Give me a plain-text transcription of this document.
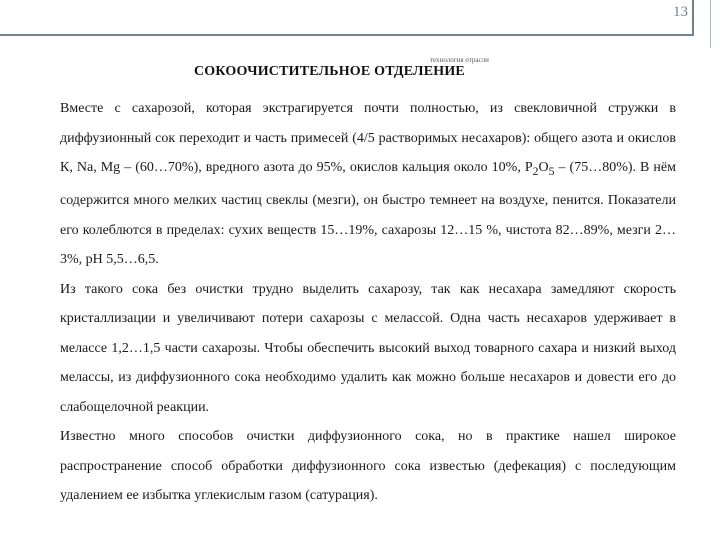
13
технология отрасли
СОКООЧИСТИТЕЛЬНОЕ ОТДЕЛЕНИЕ

Вместе с сахарозой, которая экстрагируется почти полностью, из свекловичной стружки в диффузионный сок переходит и часть примесей (4/5 растворимых несахаров): общего азота и окислов К, Na, Mg – (60…70%), вредного азота до 95%, окислов кальция около 10%, $P_2O_5$ – (75…80%). В нём содержится много мелких частиц свеклы (мезги), он быстро темнеет на воздухе, пенится. Показатели его колеблются в пределах: сухих веществ 15…19%, сахарозы 12…15 %, чистота 82…89%, мезги 2…3%, pH 5,5…6,5.

Из такого сока без очистки трудно выделить сахарозу, так как несахара замедляют скорость кристаллизации и увеличивают потери сахарозы с мелассой. Одна часть несахаров удерживает в мелассе 1,2…1,5 части сахарозы. Чтобы обеспечить высокий выход товарного сахара и низкий выход мелассы, из диффузионного сока необходимо удалить как можно больше несахаров и довести его до слабощелочной реакции.

Известно много способов очистки диффузионного сока, но в практике нашел широкое распространение способ обработки диффузионного сока известью (дефекация) с последующим удалением ее избытка углекислым газом (сатурация).
